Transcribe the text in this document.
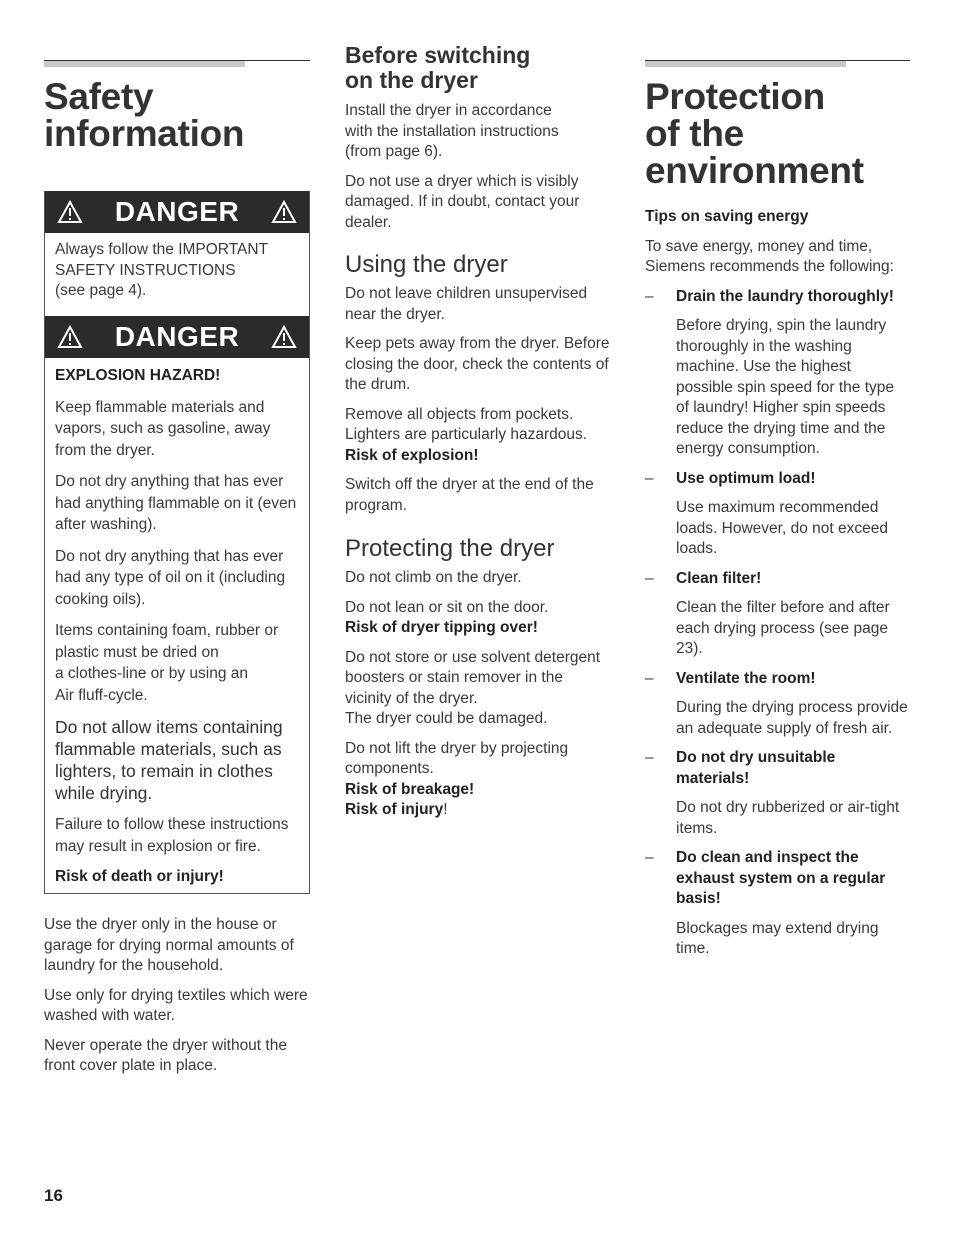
Safety
information
DANGER

Always follow the IMPORTANT
SAFETY INSTRUCTIONS
(see page 4).

DANGER

EXPLOSION HAZARD!

Keep flammable materials and vapors, such as gasoline, away from the dryer.

Do not dry anything that has ever had anything flammable on it (even after washing).

Do not dry anything that has ever had any type of oil on it (including cooking oils).

Items containing foam, rubber or plastic must be dried on
a clothes-line or by using an
Air fluff-cycle.

Do not allow items containing flammable materials, such as lighters, to remain in clothes while drying.

Failure to follow these instructions may result in explosion or fire.

Risk of death or injury!

Use the dryer only in the house or garage for drying normal amounts of laundry for the household.

Use only for drying textiles which were washed with water.

Never operate the dryer without the front cover plate in place.

Before switching
on the dryer

Install the dryer in accordance
with the installation instructions
(from page 6).

Do not use a dryer which is visibly damaged. If in doubt, contact your dealer.

Using the dryer

Do not leave children unsupervised near the dryer.

Keep pets away from the dryer. Before closing the door, check the contents of the drum.

Remove all objects from pockets. Lighters are particularly hazardous.
Risk of explosion!

Switch off the dryer at the end of the program.

Protecting the dryer

Do not climb on the dryer.

Do not lean or sit on the door.
Risk of dryer tipping over!

Do not store or use solvent detergent boosters or stain remover in the vicinity of the dryer.
The dryer could be damaged.

Do not lift the dryer by projecting components.
Risk of breakage!
Risk of injury!

Protection
of the
environment

Tips on saving energy

To save energy, money and time, Siemens recommends the following:

– Drain the laundry thoroughly!

Before drying, spin the laundry thoroughly in the washing machine. Use the highest possible spin speed for the type of laundry! Higher spin speeds reduce the drying time and the energy consumption.

– Use optimum load!

Use maximum recommended loads. However, do not exceed loads.

– Clean filter!

Clean the filter before and after each drying process (see page 23).

– Ventilate the room!

During the drying process provide an adequate supply of fresh air.

– Do not dry unsuitable materials!

Do not dry rubberized or air-tight items.

– Do clean and inspect the exhaust system on a regular basis!

Blockages may extend drying time.

16
